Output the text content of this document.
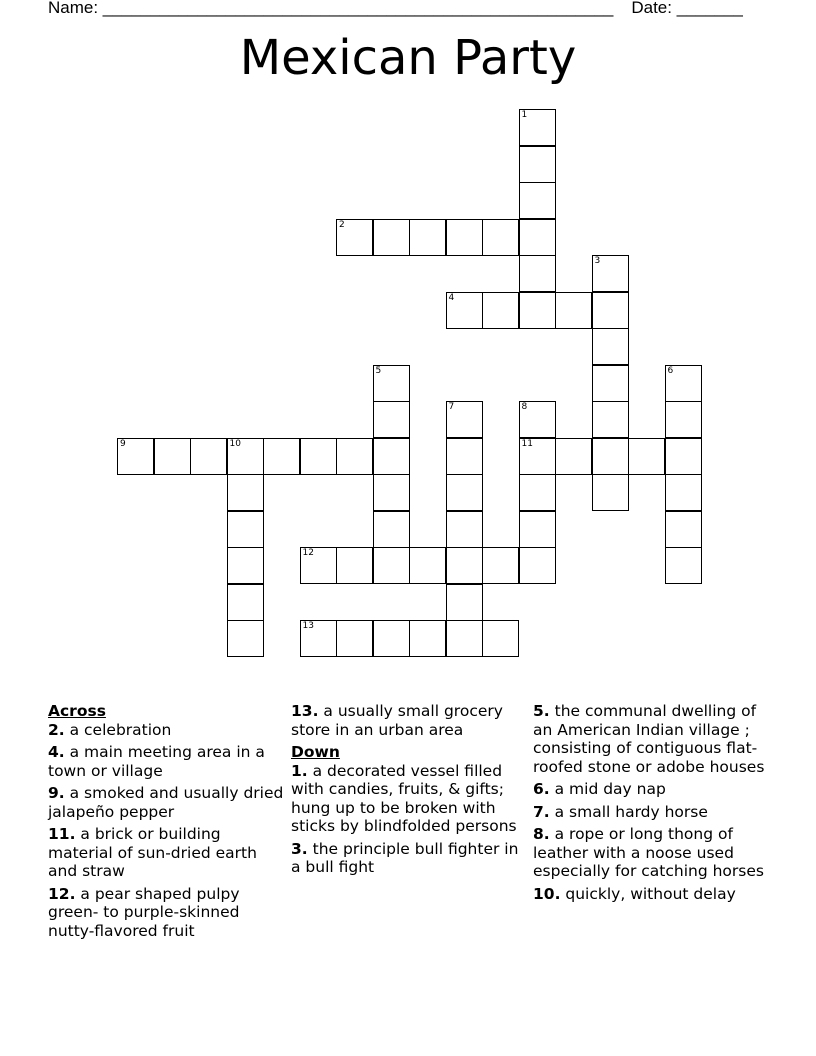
Name: ______________________________________________________ Date: _______
Mexican Party
1
2
3
4
5	6
7	8
9	10	11
12
13

Across

2. a celebration

4. a main meeting area in a town or village

9. a smoked and usually dried jalapeño pepper

11. a brick or building material of sun-dried earth and straw

12. a pear shaped pulpy green- to purple-skinned nutty-flavored fruit

13. a usually small grocery store in an urban area

Down

1. a decorated vessel filled with candies, fruits, & gifts; hung up to be broken with sticks by blindfolded persons

3. the principle bull fighter in a bull fight

5. the communal dwelling of an American Indian village ; consisting of contiguous flat-roofed stone or adobe houses

6. a mid day nap

7. a small hardy horse

8. a rope or long thong of leather with a noose used especially for catching horses

10. quickly, without delay
